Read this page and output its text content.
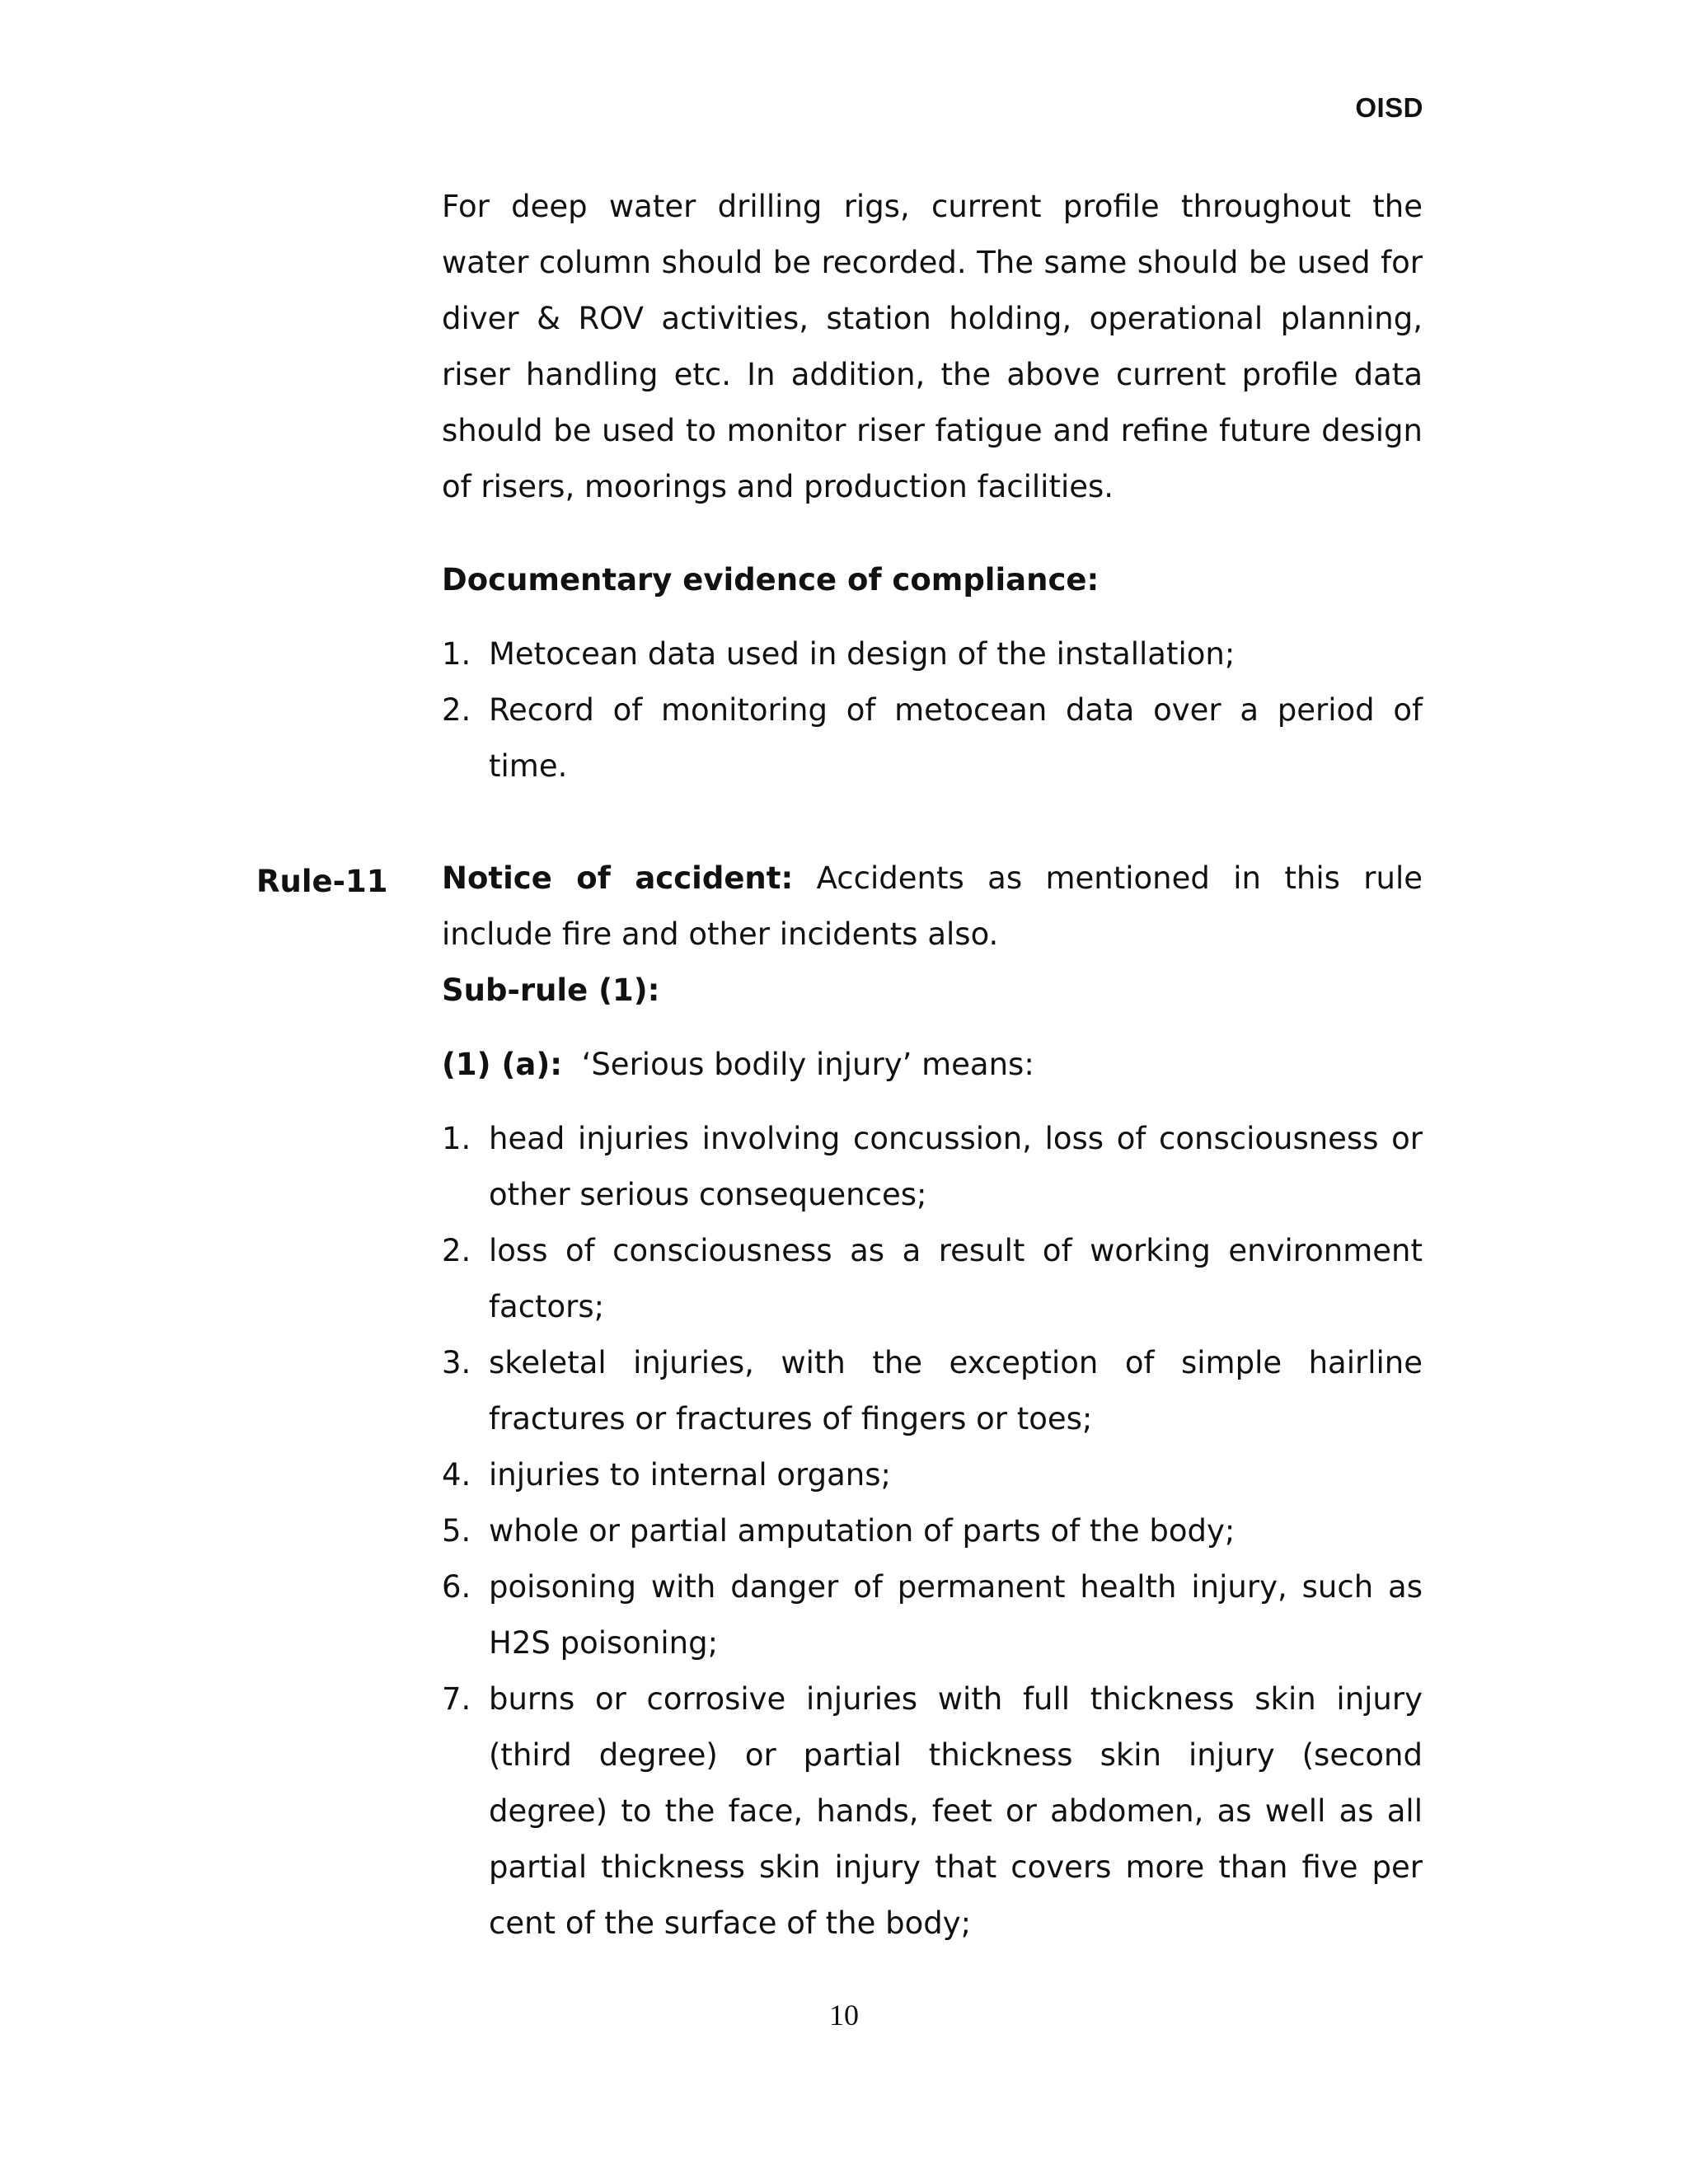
OISD
Rule-11

For deep water drilling rigs, current profile throughout the water column should be recorded. The same should be used for diver & ROV activities, station holding, operational planning, riser handling etc. In addition, the above current profile data should be used to monitor riser fatigue and refine future design of risers, moorings and production facilities.

Documentary evidence of compliance:

1. Metocean data used in design of the installation;
2. Record of monitoring of metocean data over a period of time.

Notice of accident: Accidents as mentioned in this rule include fire and other incidents also.

Sub-rule (1):

(1) (a): ‘Serious bodily injury’ means:

1. head injuries involving concussion, loss of consciousness or other serious consequences;
2. loss of consciousness as a result of working environment factors;
3. skeletal injuries, with the exception of simple hairline fractures or fractures of fingers or toes;
4. injuries to internal organs;
5. whole or partial amputation of parts of the body;
6. poisoning with danger of permanent health injury, such as H2S poisoning;
7. burns or corrosive injuries with full thickness skin injury (third degree) or partial thickness skin injury (second degree) to the face, hands, feet or abdomen, as well as all partial thickness skin injury that covers more than five per cent of the surface of the body;
10
